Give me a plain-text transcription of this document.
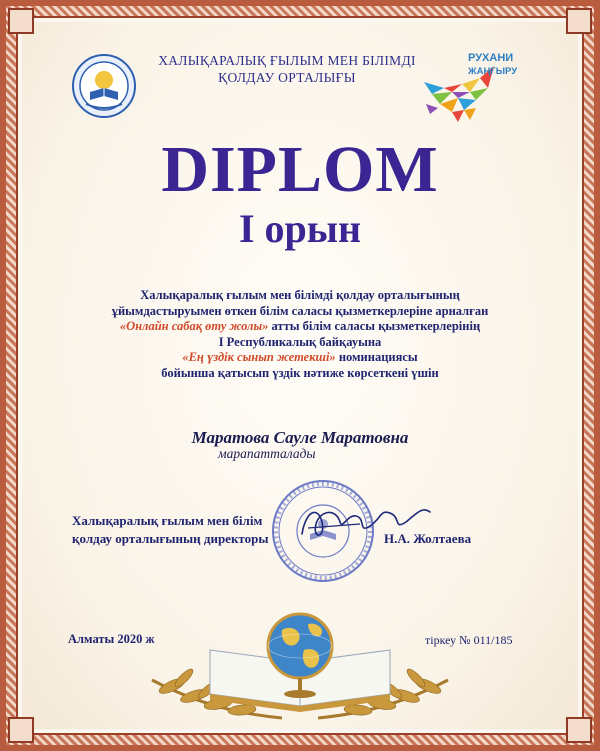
ХАЛЫҚАРАЛЫҚ ҒЫЛЫМ МЕН БІЛІМДІ
ҚОЛДАУ ОРТАЛЫҒЫ
РУХАНИ
ЖАҢҒЫРУ
DIPLOM
I орын
Халықаралық ғылым мен білімді қолдау орталығының
ұйымдастыруымен өткен білім саласы қызметкерлеріне арналған
«Онлайн сабақ өту жолы» атты білім саласы қызметкерлерінің
I Республикалық байқауына
«Ең үздік сынып жетекші» номинациясы
бойынша қатысып үздік нәтиже көрсеткені үшін
Маратова Сауле Маратовна
марапатталады
Халықаралық ғылым мен білім
қолдау орталығының директоры	Н.А. Жолтаева
Алматы 2020 ж	тіркеу № 011/185
